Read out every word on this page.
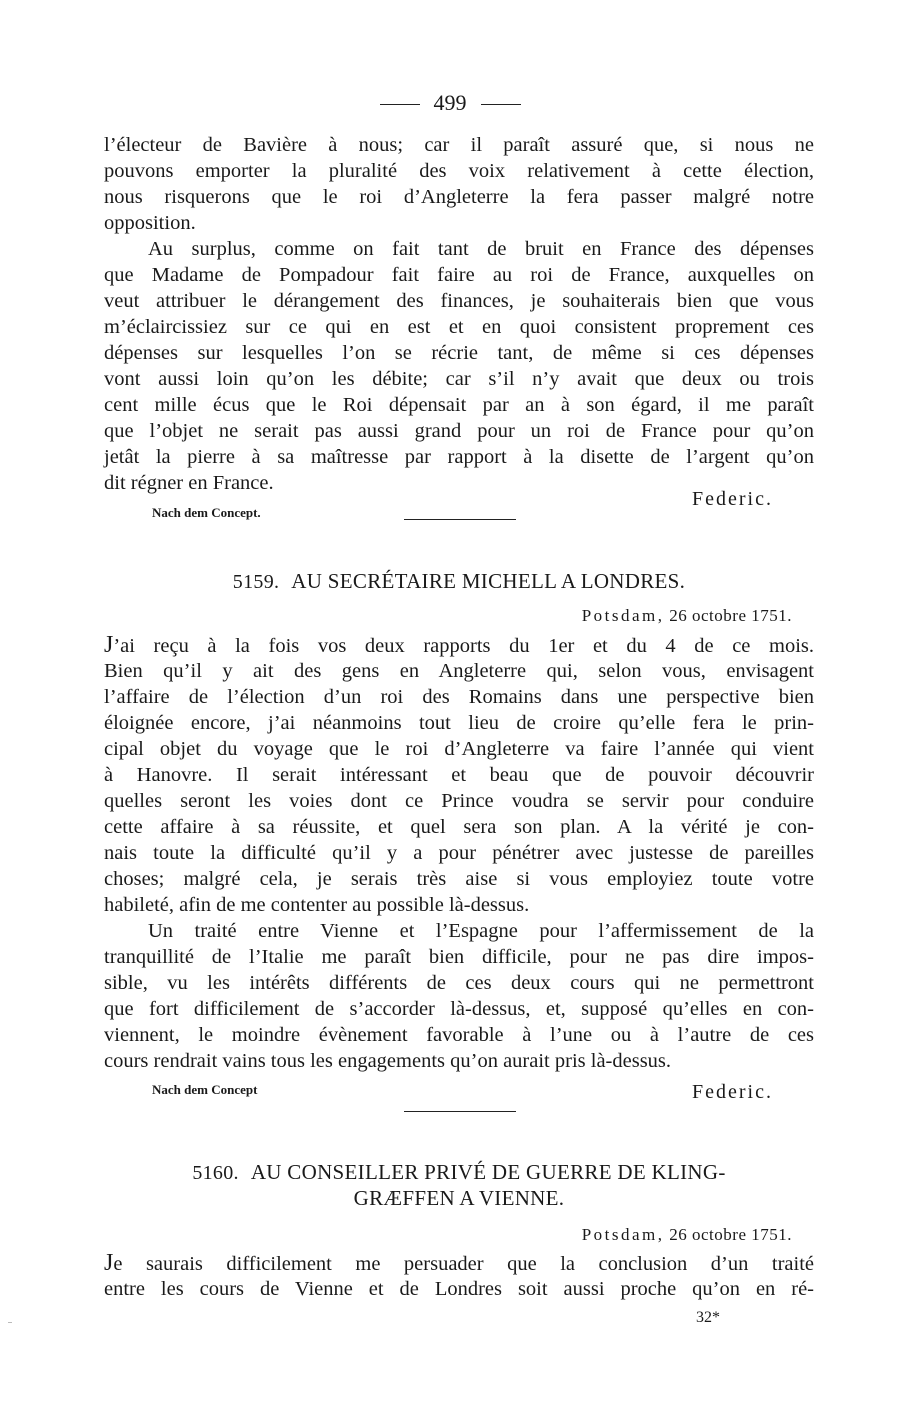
499
l’électeur de Bavière à nous; car il paraît assuré que, si nous ne
pouvons emporter la pluralité des voix relativement à cette élection,
nous risquerons que le roi d’Angleterre la fera passer malgré notre
opposition.
Au surplus, comme on fait tant de bruit en France des dépenses
que Madame de Pompadour fait faire au roi de France, auxquelles on
veut attribuer le dérangement des finances, je souhaiterais bien que vous
m’éclaircissiez sur ce qui en est et en quoi consistent proprement ces
dépenses sur lesquelles l’on se récrie tant, de même si ces dépenses
vont aussi loin qu’on les débite; car s’il n’y avait que deux ou trois
cent mille écus que le Roi dépensait par an à son égard, il me paraît
que l’objet ne serait pas aussi grand pour un roi de France pour qu’on
jetât la pierre à sa maîtresse par rapport à la disette de l’argent qu’on
dit régner en France.
Federic.
Nach dem Concept.
5159. AU SECRÉTAIRE MICHELL A LONDRES.
Potsdam, 26 octobre 1751.
J’ai reçu à la fois vos deux rapports du 1er et du 4 de ce mois.
Bien qu’il y ait des gens en Angleterre qui, selon vous, envisagent
l’affaire de l’élection d’un roi des Romains dans une perspective bien
éloignée encore, j’ai néanmoins tout lieu de croire qu’elle fera le prin-
cipal objet du voyage que le roi d’Angleterre va faire l’année qui vient
à Hanovre. Il serait intéressant et beau que de pouvoir découvrir
quelles seront les voies dont ce Prince voudra se servir pour conduire
cette affaire à sa réussite, et quel sera son plan. A la vérité je con-
nais toute la difficulté qu’il y a pour pénétrer avec justesse de pareilles
choses; malgré cela, je serais très aise si vous employiez toute votre
habileté, afin de me contenter au possible là-dessus.
Un traité entre Vienne et l’Espagne pour l’affermissement de la
tranquillité de l’Italie me paraît bien difficile, pour ne pas dire impos-
sible, vu les intérêts différents de ces deux cours qui ne permettront
que fort difficilement de s’accorder là-dessus, et, supposé qu’elles en con-
viennent, le moindre évènement favorable à l’une ou à l’autre de ces
cours rendrait vains tous les engagements qu’on aurait pris là-dessus.
Nach dem Concept	Federic.
5160. AU CONSEILLER PRIVÉ DE GUERRE DE KLING-
GRÆFFEN A VIENNE.
Potsdam, 26 octobre 1751.
Je saurais difficilement me persuader que la conclusion d’un traité
entre les cours de Vienne et de Londres soit aussi proche qu’on en ré-
32*
